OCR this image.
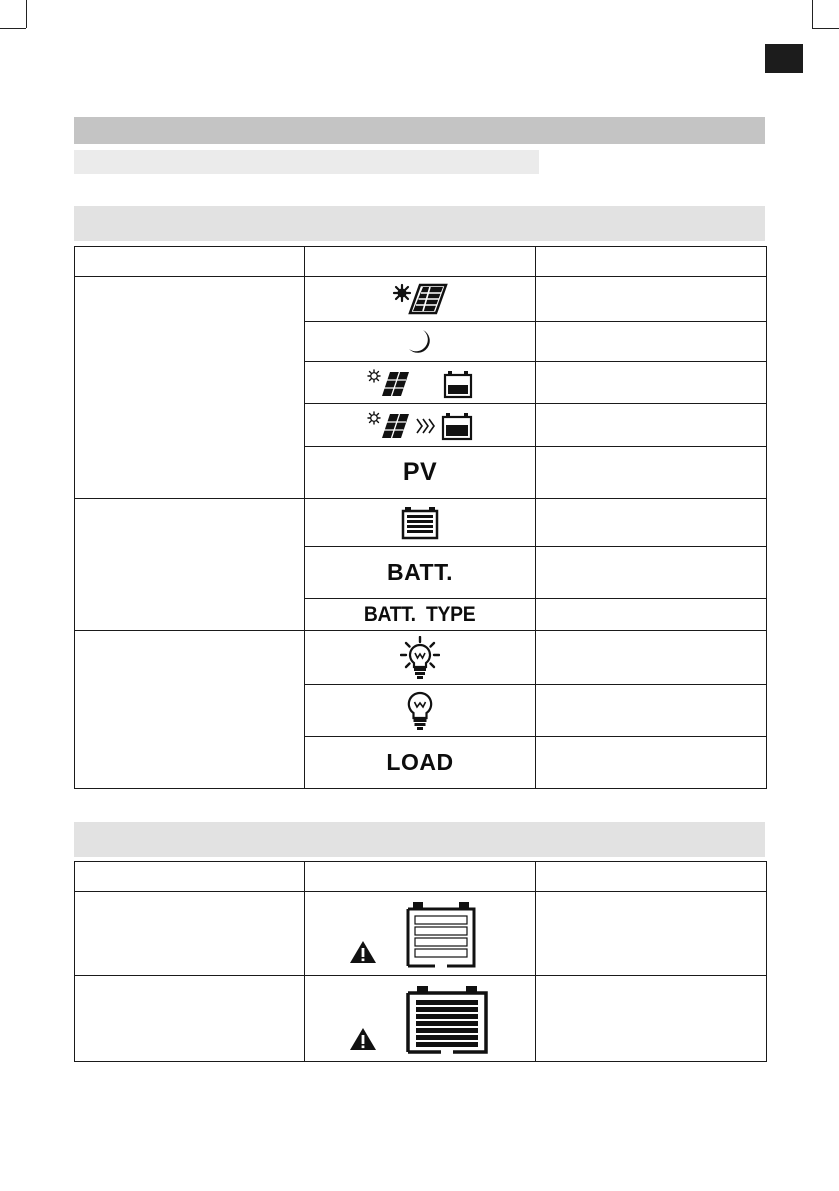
	PV	

	BATT.	
	BATT.  TYPE	

	LOAD	
